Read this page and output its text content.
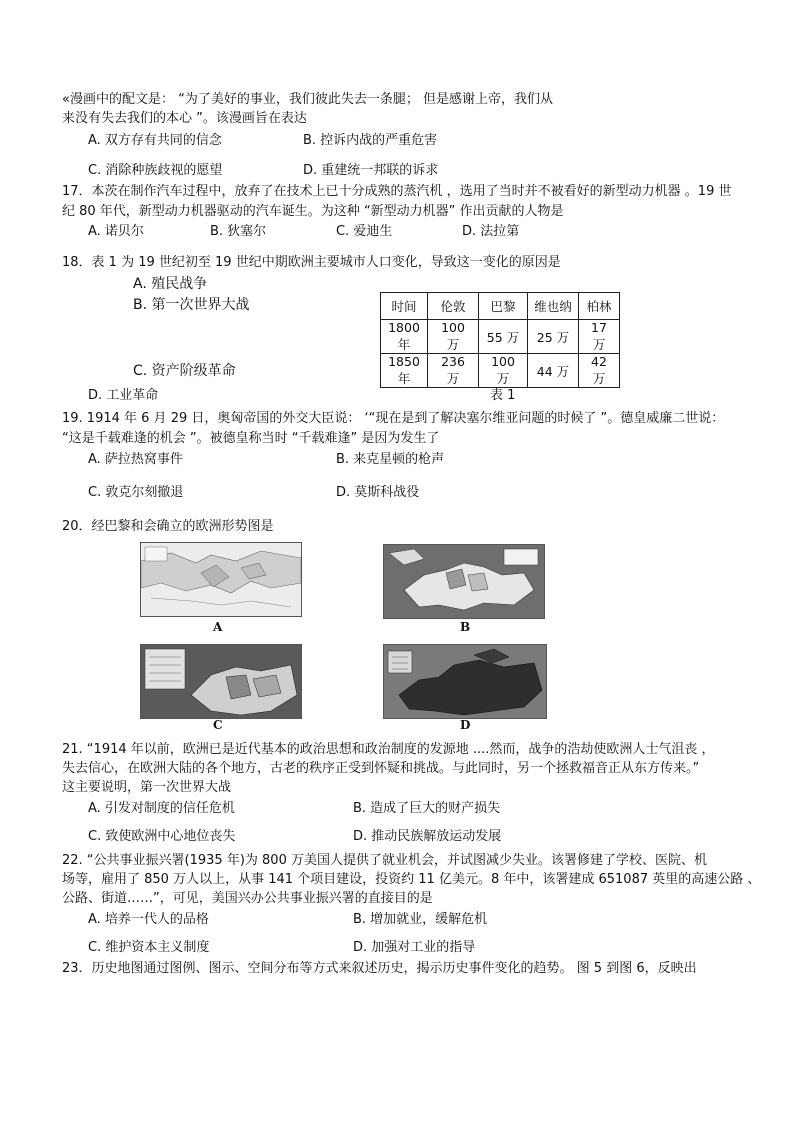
«漫画中的配文是： “为了美好的事业，我们彼此失去一条腿； 但是感谢上帝，我们从
来没有失去我们的本心 ”。该漫画旨在表达
A. 双方存有共同的信念	B. 控诉内战的严重危害
C. 消除种族歧视的愿望	D. 重建统一邦联的诉求
17．本茨在制作汽车过程中，放弃了在技术上已十分成熟的蒸汽机 ，选用了当时并不被看好的新型动力机器 。19 世
纪 80 年代，新型动力机器驱动的汽车诞生。为这种 “新型动力机器” 作出贡献的人物是
A. 诺贝尔	B. 狄塞尔	C. 爱迪生	D. 法拉第
18．表 1 为 19 世纪初至 19 世纪中期欧洲主要城市人口变化，导致这一变化的原因是
A. 殖民战争
B. 第一次世界大战
C. 资产阶级革命
D. 工业革命
时间	伦敦	巴黎	维也纳	柏林
1800 年	100 万	55 万	25 万	17 万
1850 年	236 万	100 万	44 万	42 万
表 1
19. 1914 年 6 月 29 日，奥匈帝国的外交大臣说： ‘“现在是到了解决塞尔维亚问题的时候了 ”。德皇威廉二世说：
“这是千载难逢的机会 ”。被德皇称当时 “千载难逢” 是因为发生了
A. 萨拉热窝事件	B. 来克星顿的枪声
C. 敦克尔刻撤退	D. 莫斯科战役
20．经巴黎和会确立的欧洲形势图是
A	B
C	D
21. “1914 年以前，欧洲已是近代基本的政治思想和政治制度的发源地 ....然而，战争的浩劫使欧洲人士气沮丧 ，
失去信心，在欧洲大陆的各个地方，古老的秩序正受到怀疑和挑战。与此同时，另一个拯救福音正从东方传来。”
这主要说明，第一次世界大战
A. 引发对制度的信任危机	B. 造成了巨大的财产损失
C. 致使欧洲中心地位丧失	D. 推动民族解放运动发展
22. “公共事业振兴署(1935 年)为 800 万美国人提供了就业机会，并试图减少失业。该署修建了学校、医院、机
场等，雇用了 850 万人以上，从事 141 个项目建设，投资约 11 亿美元。8 年中，该署建成 651087 英里的高速公路 、
公路、街道……”，可见，美国兴办公共事业振兴署的直接目的是
A. 培养一代人的品格	B. 增加就业，缓解危机
C. 维护资本主义制度	D. 加强对工业的指导
23．历史地图通过图例、图示、空间分布等方式来叙述历史，揭示历史事件变化的趋势。 图 5 到图 6，反映出
